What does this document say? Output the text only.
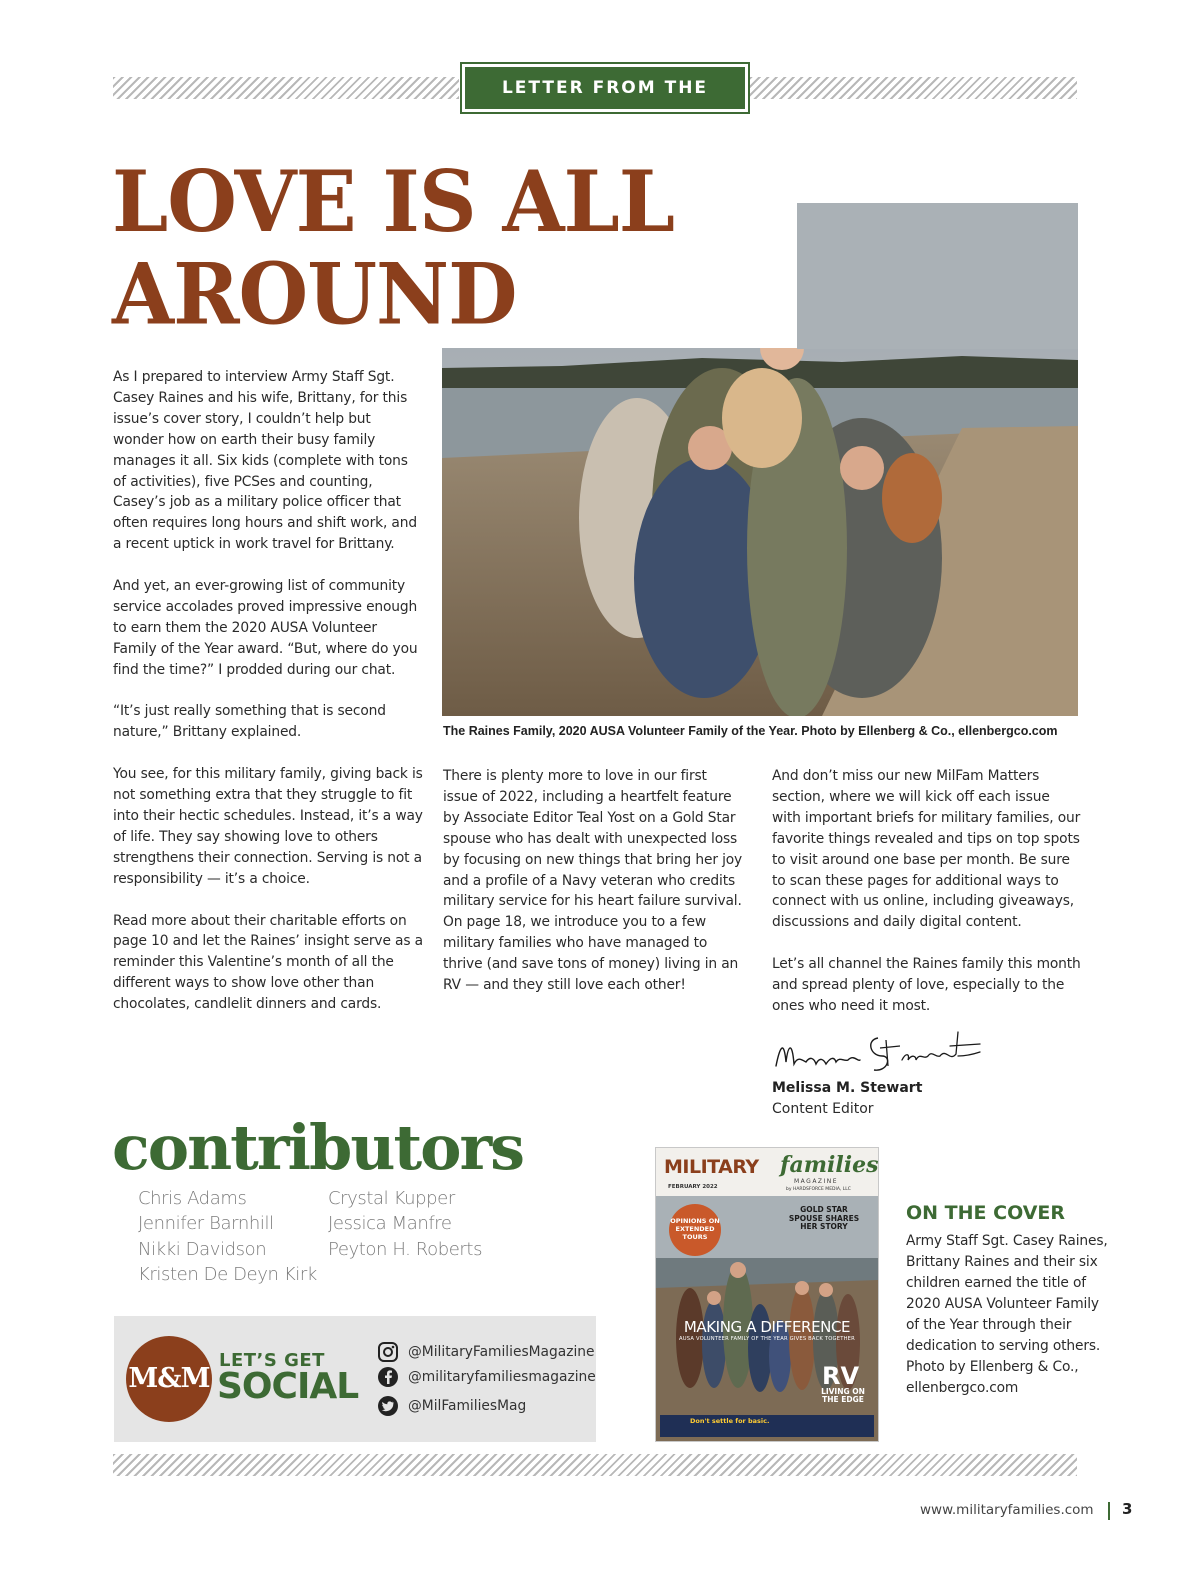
LETTER FROM THE EDITOR
LOVE IS ALL
AROUND
The Raines Family, 2020 AUSA Volunteer Family of the Year. Photo by Ellenberg & Co., ellenbergco.com

As I prepared to interview Army Staff Sgt. Casey Raines and his wife, Brittany, for this issue’s cover story, I couldn’t help but wonder how on earth their busy family manages it all. Six kids (complete with tons of activities), five PCSes and counting, Casey’s job as a military police officer that often requires long hours and shift work, and a recent uptick in work travel for Brittany.

And yet, an ever-growing list of community service accolades proved impressive enough to earn them the 2020 AUSA Volunteer Family of the Year award. “But, where do you find the time?” I prodded during our chat.

“It’s just really something that is second nature,” Brittany explained.

You see, for this military family, giving back is not something extra that they struggle to fit into their hectic schedules. Instead, it’s a way of life. They say showing love to others strengthens their connection. Serving is not a responsibility — it’s a choice.

Read more about their charitable efforts on page 10 and let the Raines’ insight serve as a reminder this Valentine’s month of all the different ways to show love other than chocolates, candlelit dinners and cards.

There is plenty more to love in our first issue of 2022, including a heartfelt feature by Associate Editor Teal Yost on a Gold Star spouse who has dealt with unexpected loss by focusing on new things that bring her joy and a profile of a Navy veteran who credits military service for his heart failure survival. On page 18, we introduce you to a few military families who have managed to thrive (and save tons of money) living in an RV — and they still love each other!

And don’t miss our new MilFam Matters section, where we will kick off each issue with important briefs for military families, our favorite things revealed and tips on top spots to visit around one base per month. Be sure to scan these pages for additional ways to connect with us online, including giveaways, discussions and daily digital content.

Let’s all channel the Raines family this month and spread plenty of love, especially to the ones who need it most.

Melissa M. Stewart
Content Editor
contributors
Chris Adams	Crystal Kupper
Jennifer Barnhill	Jessica Manfre
Nikki Davidson	Peyton H. Roberts
Kristen De Deyn Kirk
M&M
LET’S GET
SOCIAL
@MilitaryFamiliesMagazine
@militaryfamiliesmagazine
@MilFamiliesMag
MILITARY families
MAGAZINE
FEBRUARY 2022	by HARDSFORCE MEDIA, LLC
OPINIONS ON EXTENDED TOURS
GOLD STAR SPOUSE SHARES HER STORY
MAKING A DIFFERENCE
AUSA VOLUNTEER FAMILY OF THE YEAR GIVES BACK TOGETHER
RV
LIVING ON THE EDGE
Don't settle for basic.
ON THE COVER
Army Staff Sgt. Casey Raines, Brittany Raines and their six children earned the title of 2020 AUSA Volunteer Family of the Year through their dedication to serving others. Photo by Ellenberg & Co., ellenbergco.com
www.militaryfamilies.com 3
